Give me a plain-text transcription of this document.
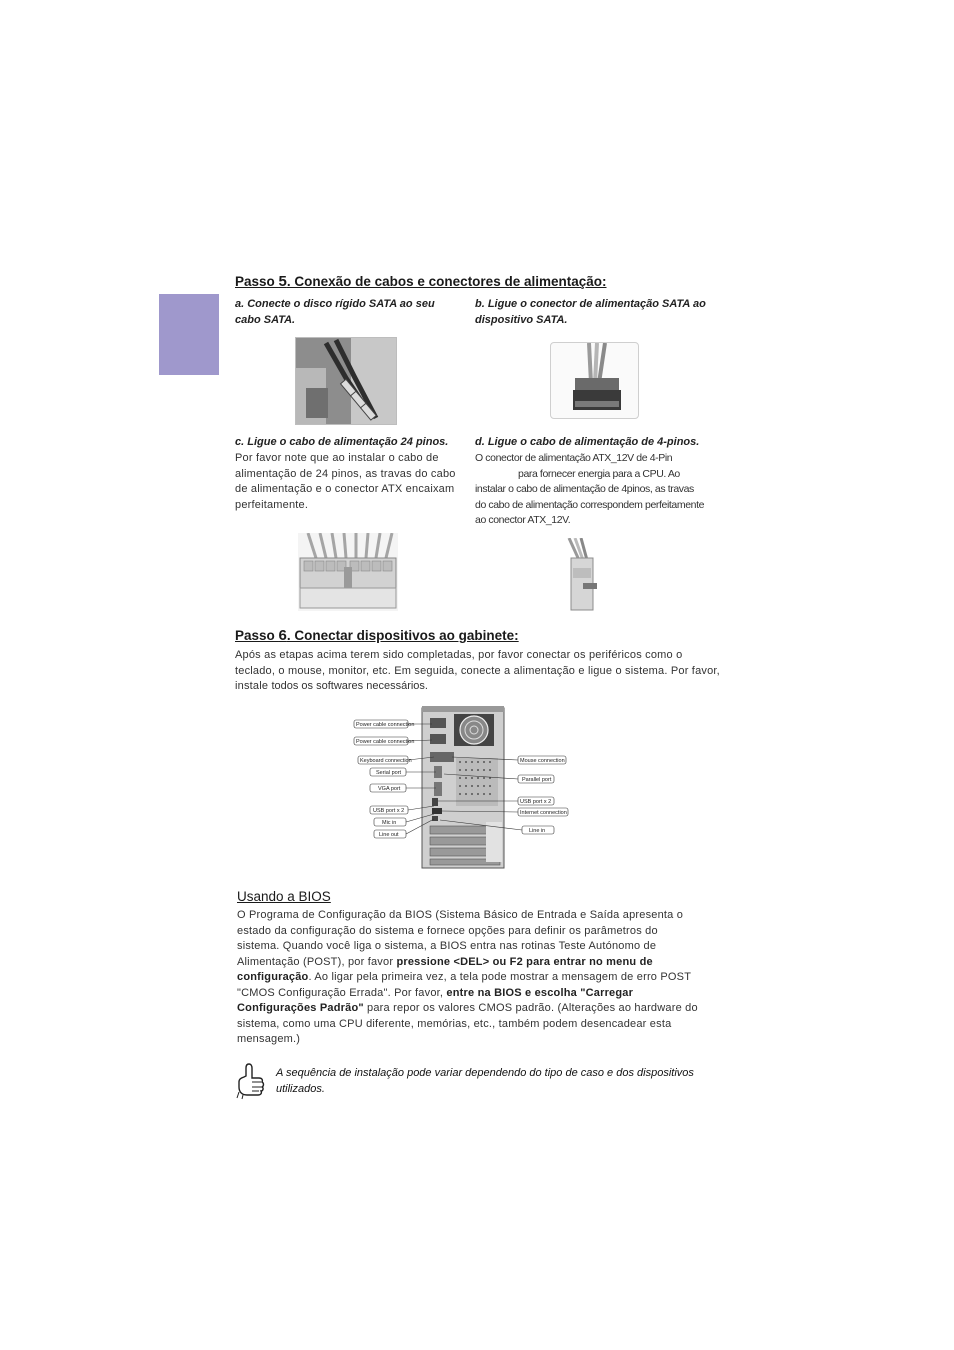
Passo 5. Conexão de cabos e conectores de alimentação:
a. Conecte o disco rígido SATA ao seu cabo SATA.
b. Ligue o conector de alimentação SATA ao dispositivo SATA.
c. Ligue o cabo de alimentação 24 pinos.
Por favor note que ao instalar o cabo de alimentação de 24 pinos, as travas do cabo de alimentação e o conector ATX encaixam perfeitamente.
d. Ligue o cabo de alimentação de 4-pinos.
O conector de alimentação ATX_12V de 4-Pin
para fornecer energia para a CPU. Ao
instalar o cabo de alimentação de 4pinos, as travas do cabo de alimentação correspondem perfeitamente ao conector ATX_12V.
Passo 6. Conectar dispositivos ao gabinete:
Após as etapas acima terem sido completadas, por favor conectar os periféricos como o teclado, o mouse, monitor, etc. Em seguida, conecte a alimentação e ligue o sistema. Por favor, instale todos os softwares necessários.
Power cable connection
Power cable connection
Keyboard connection
Serial port
VGA port
USB port x 2
Mic in
Line out
Mouse connection
Parallel port
USB port x 2
Internet connection
Line in
Usando a BIOS
O Programa de Configuração da BIOS (Sistema Básico de Entrada e Saída apresenta o estado da configuração do sistema e fornece opções para definir os parâmetros do sistema. Quando você liga o sistema, a BIOS entra nas rotinas Teste Autónomo de Alimentação (POST), por favor pressione <DEL> ou F2 para entrar no menu de configuração. Ao ligar pela primeira vez, a tela pode mostrar a mensagem de erro POST "CMOS Configuração Errada". Por favor, entre na BIOS e escolha "Carregar Configurações Padrão" para repor os valores CMOS padrão. (Alterações ao hardware do sistema, como uma CPU diferente, memórias, etc., também podem desencadear esta mensagem.)
A sequência de instalação pode variar dependendo do tipo de caso e dos dispositivos utilizados.
